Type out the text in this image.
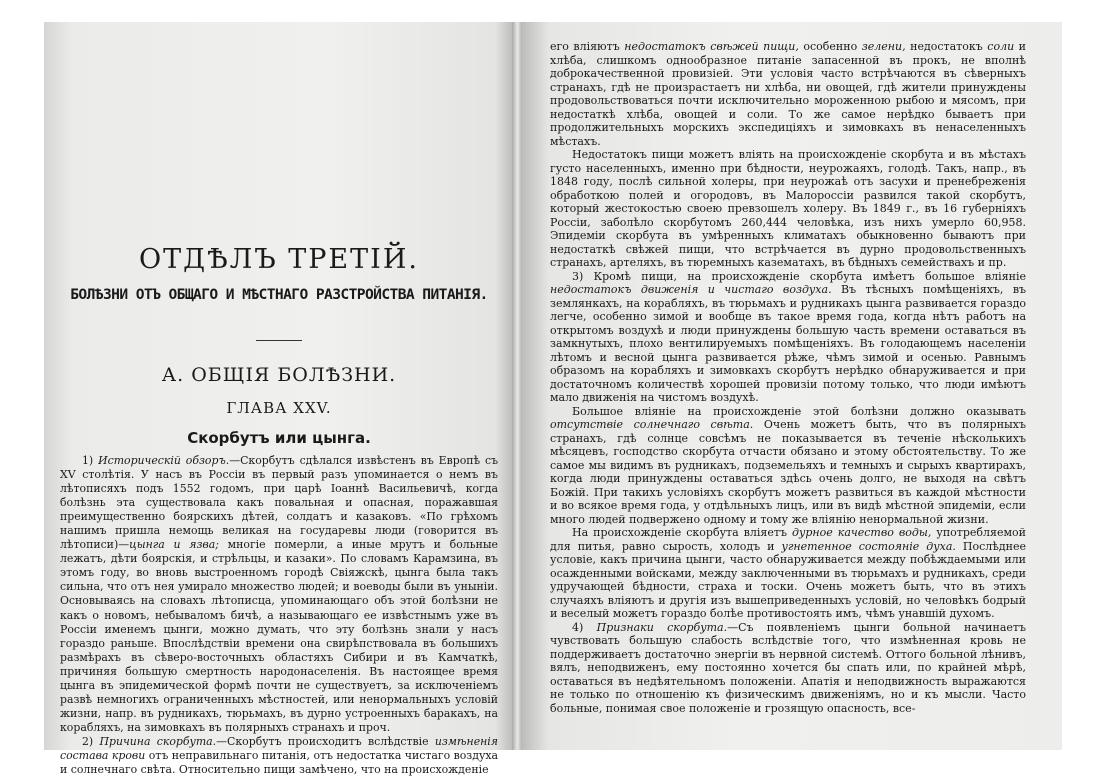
ОТДѢЛЪ ТРЕТІЙ.
БОЛѢЗНИ ОТЪ ОБЩАГО И МѢСТНАГО РАЗСТРОЙСТВА ПИТАНІЯ.
А. ОБЩІЯ БОЛѢЗНИ.
ГЛАВА XXV.
Скорбутъ или цынга.

1) Историческій обзоръ.—Скорбутъ сдѣлался извѣстенъ въ Европѣ съ XV столѣтія. У насъ въ Россіи въ первый разъ упоминается о немъ въ лѣтописяхъ подъ 1552 годомъ, при царѣ Іоаннѣ Васильевичѣ, когда болѣзнь эта существовала какъ повальная и опасная, поражавшая преимущественно боярскихъ дѣтей, солдатъ и казаковъ. «По грѣхомъ нашимъ пришла немощь великая на государевы люди (говорится въ лѣтописи)—цынга и язва; многіе померли, а иные мрутъ и больные лежатъ, дѣти боярскія, и стрѣльцы, и казаки». По словамъ Карамзина, въ этомъ году, во вновь выстроенномъ городѣ Свіяжскѣ, цынга была такъ сильна, что отъ нея умирало множество людей; и воеводы были въ унынiи. Основываясь на словахъ лѣтописца, упоминающаго объ этой болѣзни не какъ о новомъ, небываломъ бичѣ, а называющаго ее извѣстнымъ уже въ Россіи именемъ цынги, можно думать, что эту болѣзнь знали у насъ гораздо раньше. Впослѣдствіи времени она свирѣпствовала въ большихъ размѣрахъ въ сѣверо-восточныхъ областяхъ Сибири и въ Камчаткѣ, причиняя большую смертность народонаселенія. Въ настоящее время цынга въ эпидемической формѣ почти не существуетъ, за исключеніемъ развѣ немногихъ ограниченныхъ мѣстностей, или ненормальныхъ условій жизни, напр. въ рудникахъ, тюрьмахъ, въ дурно устроенныхъ баракахъ, на корабляхъ, на зимовкахъ въ полярныхъ странахъ и проч.

2) Причина скорбута.—Скорбутъ происходитъ вслѣдствіе измѣненія состава крови отъ неправильнаго питанія, отъ недостатка чистаго воздуха и солнечнаго свѣта. Относительно пищи замѣчено, что на происхожденіе

его вліяютъ недостатокъ свѣжей пищи, особенно зелени, недостатокъ соли и хлѣба, слишкомъ однообразное питаніе запасенной въ прокъ, не вполнѣ доброкачественной провизіей. Эти условія часто встрѣчаются въ сѣверныхъ странахъ, гдѣ не произрастаетъ ни хлѣба, ни овощей, гдѣ жители принуждены продовольствоваться почти исключительно мороженною рыбою и мясомъ, при недостаткѣ хлѣба, овощей и соли. То же самое нерѣдко бываетъ при продолжительныхъ морскихъ экспедиціяхъ и зимовкахъ въ ненаселенныхъ мѣстахъ.

Недостатокъ пищи можетъ вліять на происхожденіе скорбута и въ мѣстахъ густо населенныхъ, именно при бѣдности, неурожаяхъ, голодѣ. Такъ, напр., въ 1848 году, послѣ сильной холеры, при неурожаѣ отъ засухи и пренебреженія обработкою полей и огородовъ, въ Малороссіи развился такой скорбутъ, который жестокостью своею превзошелъ холеру. Въ 1849 г., въ 16 губерніяхъ Россіи, заболѣло скорбутомъ 260,444 человѣка, изъ нихъ умерло 60,958. Эпидеміи скорбута въ умѣренныхъ климатахъ обыкновенно бываютъ при недостаткѣ свѣжей пищи, что встрѣчается въ дурно продовольственныхъ странахъ, артеляхъ, въ тюремныхъ казематахъ, въ бѣдныхъ семействахъ и пр.

3) Кромѣ пищи, на происхожденіе скорбута имѣетъ большое вліяніе недостатокъ движенія и чистаго воздуха. Въ тѣсныхъ помѣщеніяхъ, въ землянкахъ, на корабляхъ, въ тюрьмахъ и рудникахъ цынга развивается гораздо легче, особенно зимой и вообще въ такое время года, когда нѣтъ работъ на открытомъ воздухѣ и люди принуждены большую часть времени оставаться въ замкнутыхъ, плохо вентилируемыхъ помѣщеніяхъ. Въ голодающемъ населеніи лѣтомъ и весной цынга развивается рѣже, чѣмъ зимой и осенью. Равнымъ образомъ на корабляхъ и зимовкахъ скорбутъ нерѣдко обнаруживается и при достаточномъ количествѣ хорошей провизіи потому только, что люди имѣютъ мало движенія на чистомъ воздухѣ.

Большое вліяніе на происхожденіе этой болѣзни должно оказывать отсутствіе солнечнаго свѣта. Очень можетъ быть, что въ полярныхъ странахъ, гдѣ солнце совсѣмъ не показывается въ теченіе нѣсколькихъ мѣсяцевъ, господство скорбута отчасти обязано и этому обстоятельству. То же самое мы видимъ въ рудникахъ, подземельяхъ и темныхъ и сырыхъ квартирахъ, когда люди принуждены оставаться здѣсь очень долго, не выходя на свѣтъ Божій. При такихъ условіяхъ скорбутъ можетъ развиться въ каждой мѣстности и во всякое время года, у отдѣльныхъ лицъ, или въ видѣ мѣстной эпидеміи, если много людей подвержено одному и тому же вліянію ненормальной жизни.

На происхожденіе скорбута вліяетъ дурное качество воды, употребляемой для питья, равно сырость, холодъ и угнетенное состояніе духа. Послѣднее условіе, какъ причина цынги, часто обнаруживается между побѣждаемыми или осажденными войсками, между заключенными въ тюрьмахъ и рудникахъ, среди удручающей бѣдности, страха и тоски. Очень можетъ быть, что въ этихъ случаяхъ вліяютъ и другія изъ вышеприведенныхъ условій, но человѣкъ бодрый и веселый можетъ гораздо болѣе противостоять имъ, чѣмъ унавшій духомъ.

4) Признаки скорбута.—Съ появленіемъ цынги больной начинаетъ чувствовать большую слабость вслѣдствіе того, что измѣненная кровь не поддерживаетъ достаточно энергіи въ нервной системѣ. Оттого больной лѣнивъ, вялъ, неподвиженъ, ему постоянно хочется бы спать или, по крайней мѣрѣ, оставаться въ недѣятельномъ положеніи. Апатія и неподвижность выражаются не только по отношенію къ физическимъ движеніямъ, но и къ мысли. Часто больные, понимая свое положеніе и грозящую опасность, все-
